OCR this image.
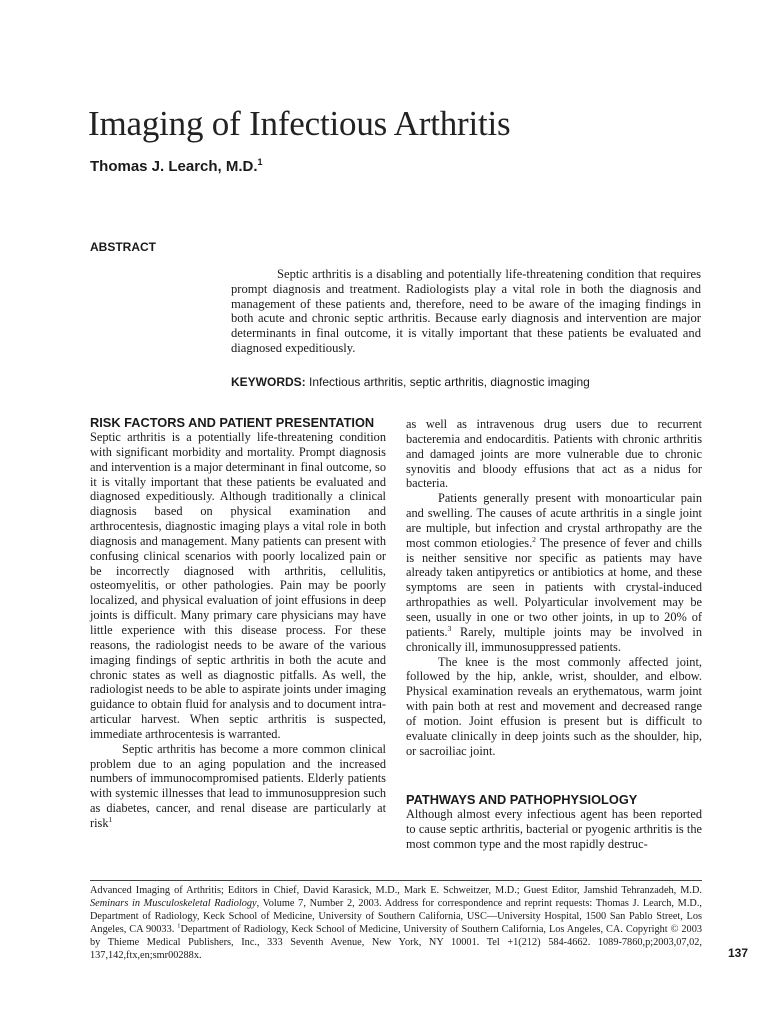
Imaging of Infectious Arthritis
Thomas J. Learch, M.D.$^1$
ABSTRACT
Septic arthritis is a disabling and potentially life-threatening condition that requires prompt diagnosis and treatment. Radiologists play a vital role in both the diagnosis and management of these patients and, therefore, need to be aware of the imaging findings in both acute and chronic septic arthritis. Because early diagnosis and intervention are major determinants in final outcome, it is vitally important that these patients be evaluated and diagnosed expeditiously.
KEYWORDS: Infectious arthritis, septic arthritis, diagnostic imaging
RISK FACTORS AND PATIENT PRESENTATION

Septic arthritis is a potentially life-threatening condition with significant morbidity and mortality. Prompt diagnosis and intervention is a major determinant in final outcome, so it is vitally important that these patients be evaluated and diagnosed expeditiously. Although traditionally a clinical diagnosis based on physical examination and arthrocentesis, diagnostic imaging plays a vital role in both diagnosis and management. Many patients can present with confusing clinical scenarios with poorly localized pain or be incorrectly diagnosed with arthritis, cellulitis, osteomyelitis, or other pathologies. Pain may be poorly localized, and physical evaluation of joint effusions in deep joints is difficult. Many primary care physicians may have little experience with this disease process. For these reasons, the radiologist needs to be aware of the various imaging findings of septic arthritis in both the acute and chronic states as well as diagnostic pitfalls. As well, the radiologist needs to be able to aspirate joints under imaging guidance to obtain fluid for analysis and to document intra-articular harvest. When septic arthritis is suspected, immediate arthrocentesis is warranted.

Septic arthritis has become a more common clinical problem due to an aging population and the increased numbers of immunocompromised patients. Elderly patients with systemic illnesses that lead to immunosuppresion such as diabetes, cancer, and renal disease are particularly at risk$^1$

as well as intravenous drug users due to recurrent bacteremia and endocarditis. Patients with chronic arthritis and damaged joints are more vulnerable due to chronic synovitis and bloody effusions that act as a nidus for bacteria.

Patients generally present with monoarticular pain and swelling. The causes of acute arthritis in a single joint are multiple, but infection and crystal arthropathy are the most common etiologies.$^2$ The presence of fever and chills is neither sensitive nor specific as patients may have already taken antipyretics or antibiotics at home, and these symptoms are seen in patients with crystal-induced arthropathies as well. Polyarticular involvement may be seen, usually in one or two other joints, in up to 20% of patients.$^3$ Rarely, multiple joints may be involved in chronically ill, immunosuppressed patients.

The knee is the most commonly affected joint, followed by the hip, ankle, wrist, shoulder, and elbow. Physical examination reveals an erythematous, warm joint with pain both at rest and movement and decreased range of motion. Joint effusion is present but is difficult to evaluate clinically in deep joints such as the shoulder, hip, or sacroiliac joint.

PATHWAYS AND PATHOPHYSIOLOGY

Although almost every infectious agent has been reported to cause septic arthritis, bacterial or pyogenic arthritis is the most common type and the most rapidly destruc-

Advanced Imaging of Arthritis; Editors in Chief, David Karasick, M.D., Mark E. Schweitzer, M.D.; Guest Editor, Jamshid Tehranzadeh, M.D. Seminars in Musculoskeletal Radiology, Volume 7, Number 2, 2003. Address for correspondence and reprint requests: Thomas J. Learch, M.D., Department of Radiology, Keck School of Medicine, University of Southern California, USC—University Hospital, 1500 San Pablo Street, Los Angeles, CA 90033. $^1$Department of Radiology, Keck School of Medicine, University of Southern California, Los Angeles, CA. Copyright © 2003 by Thieme Medical Publishers, Inc., 333 Seventh Avenue, New York, NY 10001. Tel +1(212) 584-4662. 1089-7860,p;2003,07,02, 137,142,ftx,en;smr00288x.	137
